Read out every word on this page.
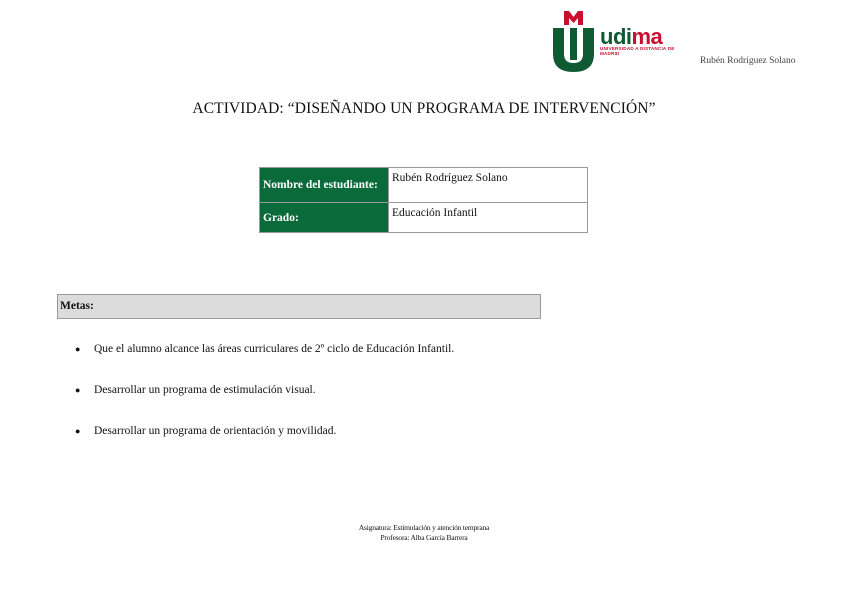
udima
UNIVERSIDAD A DISTANCIA DE MADRID
Rubén Rodríguez Solano
ACTIVIDAD: “DISEÑANDO UN PROGRAMA DE INTERVENCIÓN”
Nombre del estudiante:	Rubén Rodríguez Solano
Grado:	Educación Infantil
Metas:
● Que el alumno alcance las áreas curriculares de 2º ciclo de Educación Infantil.
● Desarrollar un programa de estimulación visual.
● Desarrollar un programa de orientación y movilidad.
Asignatura: Estimulación y atención temprana
Profesora: Alba García Barrera
